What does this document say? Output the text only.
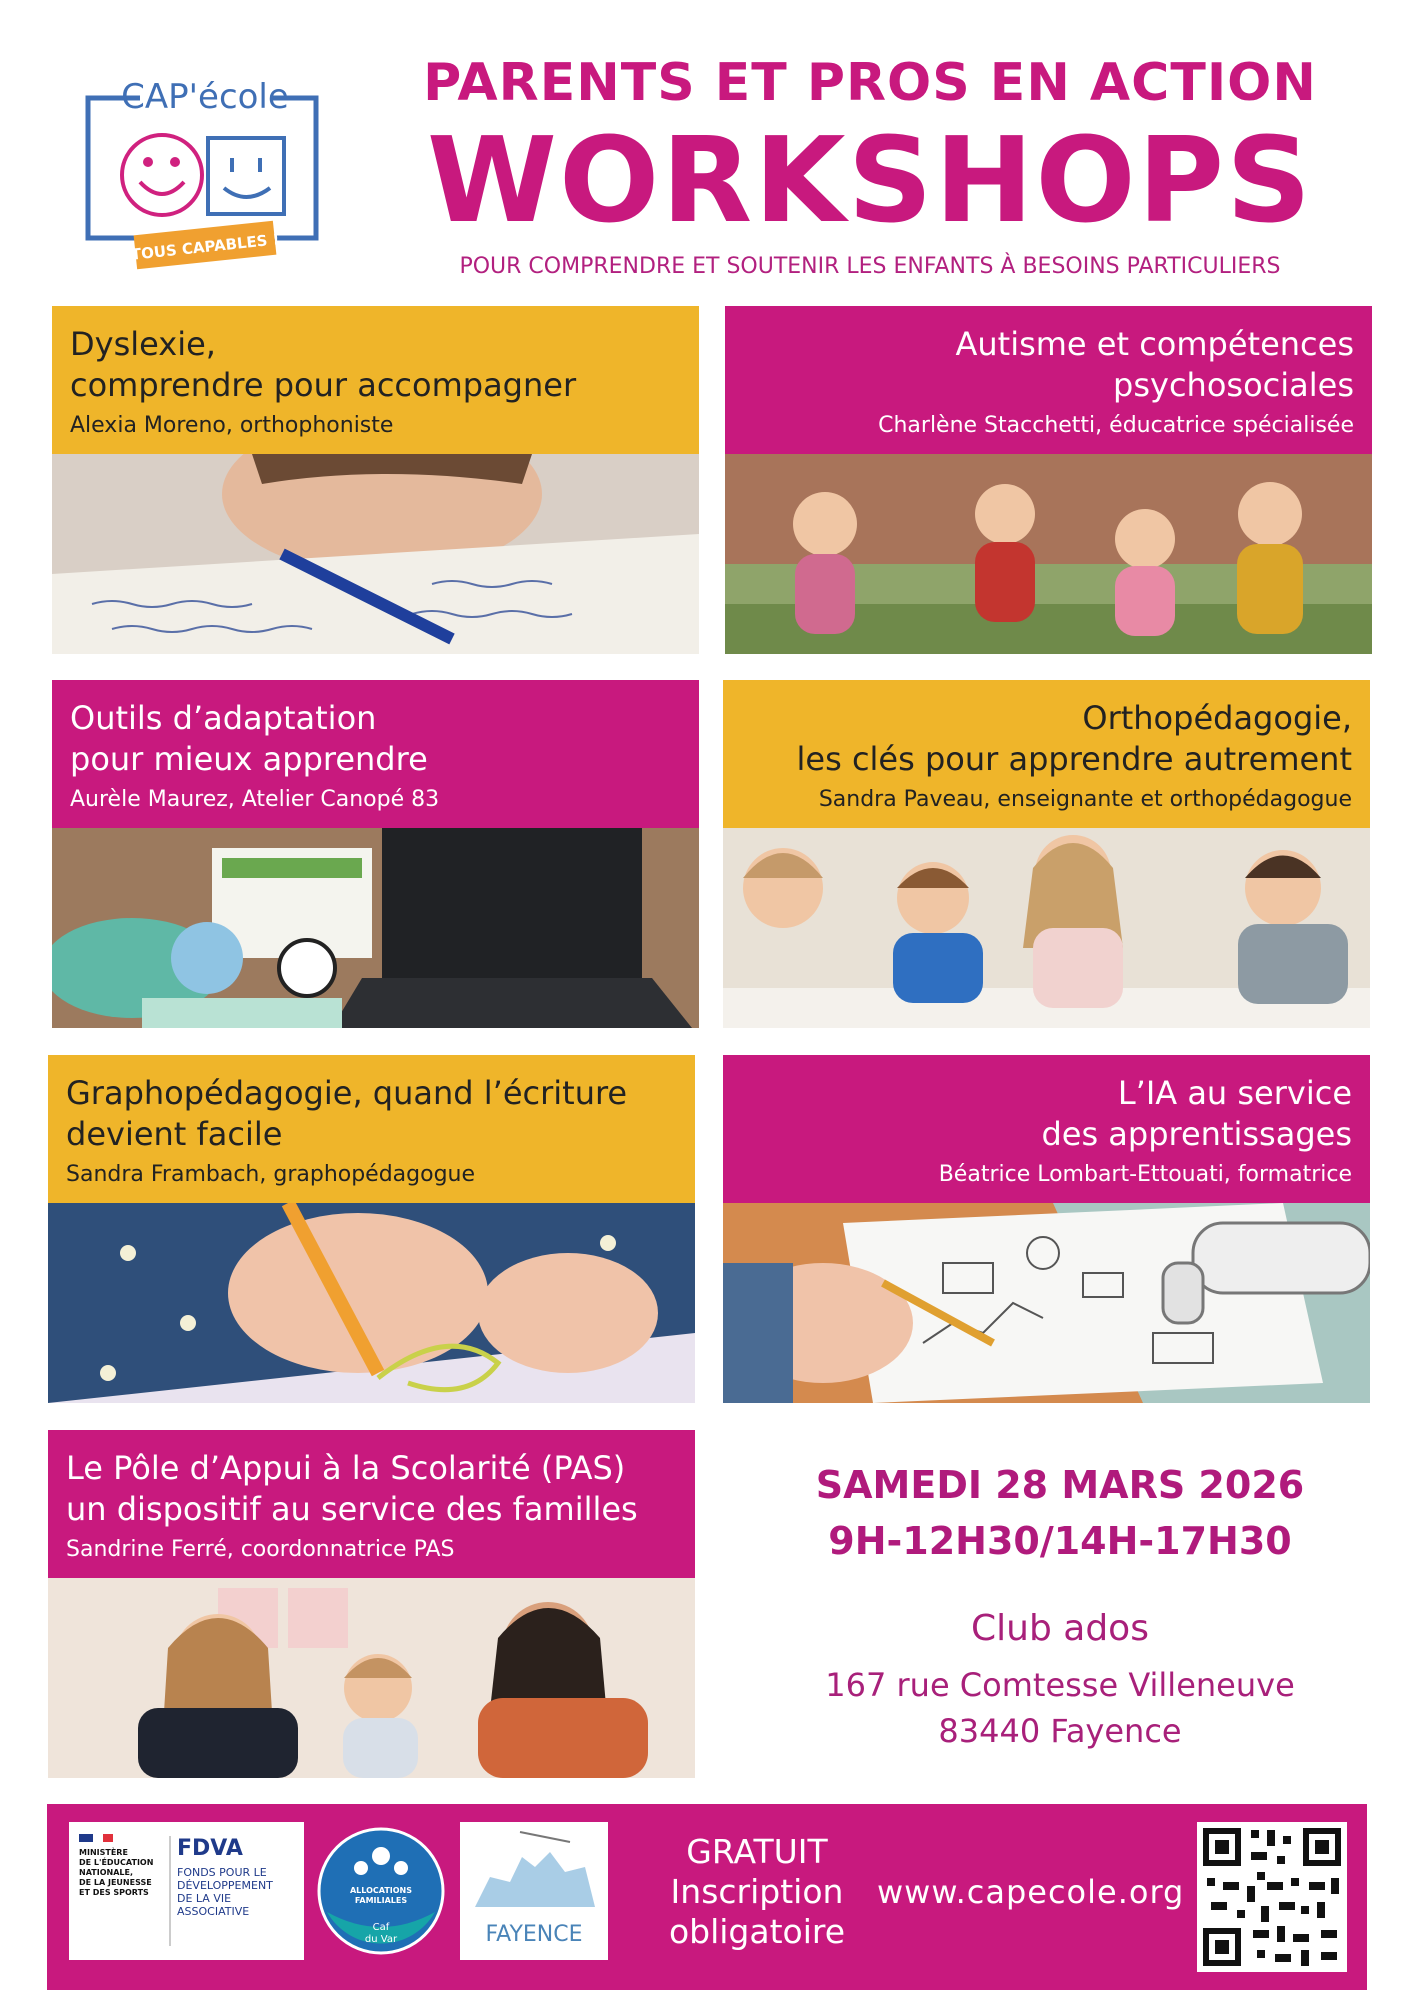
CAP'école
TOUS CAPABLES !
PARENTS ET PROS EN ACTION
WORKSHOPS
POUR COMPRENDRE ET SOUTENIR LES ENFANTS À BESOINS PARTICULIERS
Dyslexie,
comprendre pour accompagner
Alexia Moreno, orthophoniste
Autisme et compétences
psychosociales
Charlène Stacchetti, éducatrice spécialisée
Outils d’adaptation
pour mieux apprendre
Aurèle Maurez, Atelier Canopé 83
Orthopédagogie,
les clés pour apprendre autrement
Sandra Paveau, enseignante et orthopédagogue
Graphopédagogie, quand l’écriture
devient facile
Sandra Frambach, graphopédagogue
L’IA au service
des apprentissages
Béatrice Lombart-Ettouati, formatrice
Le Pôle d’Appui à la Scolarité (PAS)
un dispositif au service des familles
Sandrine Ferré, coordonnatrice PAS
SAMEDI 28 MARS 2026
9H-12H30/14H-17H30
Club ados
167 rue Comtesse Villeneuve
83440 Fayence
MINISTÈRE
DE L'ÉDUCATION
NATIONALE,
DE LA JEUNESSE
ET DES SPORTS
FDVA
FONDS POUR LE
DÉVELOPPEMENT
DE LA VIE
ASSOCIATIVE
ALLOCATIONS
FAMILIALES
Caf
du Var	FAYENCE
GRATUIT
Inscription
obligatoire
www.capecole.org
